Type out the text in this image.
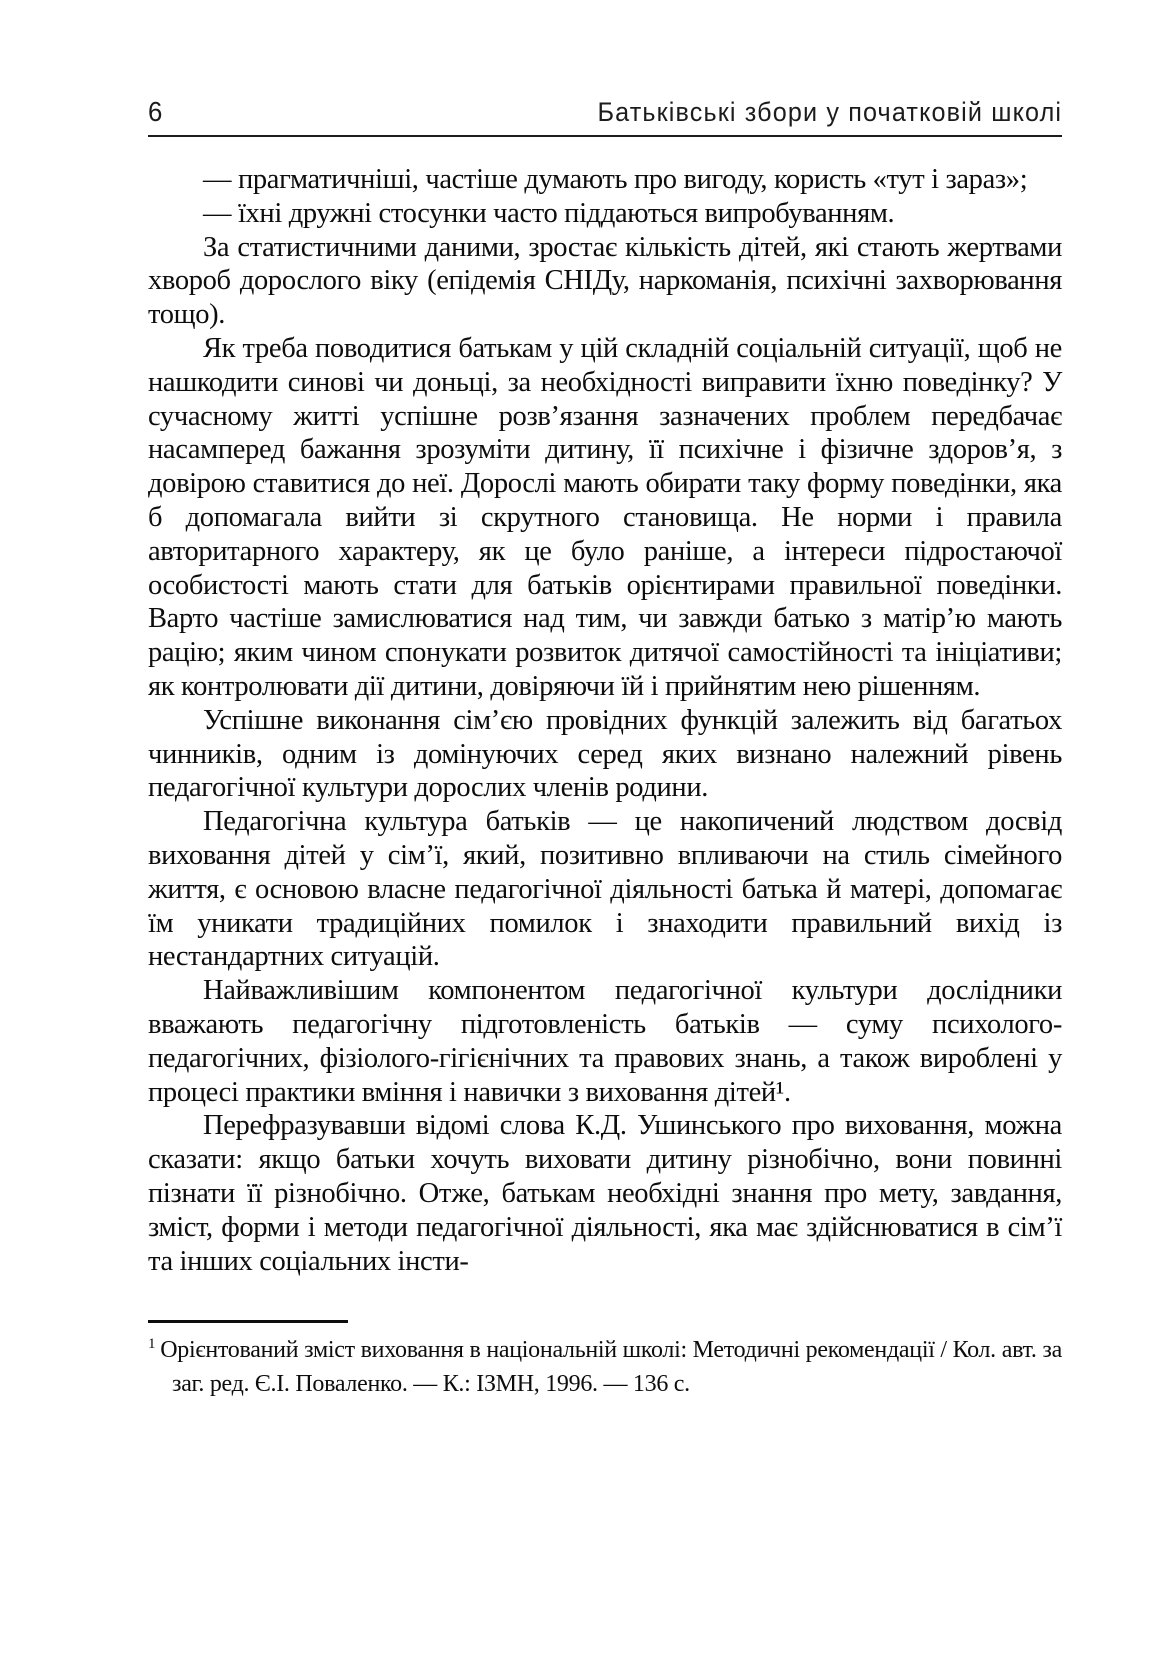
6	Батьківські збори у початковій школі

— прагматичніші, частіше думають про вигоду, користь «тут і зараз»;

— їхні дружні стосунки часто піддаються випробуванням.

За статистичними даними, зростає кількість дітей, які стають жертвами хвороб дорослого віку (епідемія СНІДу, наркоманія, психічні захворювання тощо).

Як треба поводитися батькам у цій складній соціальній ситуації, щоб не нашкодити синові чи доньці, за необхідності виправити їхню поведінку? У сучасному житті успішне розв’язання зазначених проблем передбачає насамперед бажання зрозуміти дитину, її психічне і фізичне здоров’я, з довірою ставитися до неї. Дорослі мають обирати таку форму поведінки, яка б допомагала вийти зі скрутного становища. Не норми і правила авторитарного характеру, як це було раніше, а інтереси підростаючої особистості мають стати для батьків орієнтирами правильної поведінки. Варто частіше замислюватися над тим, чи завжди батько з матір’ю мають рацію; яким чином спонукати розвиток дитячої самостійності та ініціативи; як контролювати дії дитини, довіряючи їй і прийнятим нею рішенням.

Успішне виконання сім’єю провідних функцій залежить від багатьох чинників, одним із домінуючих серед яких визнано належний рівень педагогічної культури дорослих членів родини.

Педагогічна культура батьків — це накопичений людством досвід виховання дітей у сім’ї, який, позитивно впливаючи на стиль сімейного життя, є основою власне педагогічної діяльності батька й матері, допомагає їм уникати традиційних помилок і знаходити правильний вихід із нестандартних ситуацій.

Найважливішим компонентом педагогічної культури дослідники вважають педагогічну підготовленість батьків — суму психолого-педагогічних, фізіолого-гігієнічних та правових знань, а також вироблені у процесі практики вміння і навички з виховання дітей¹.

Перефразувавши відомі слова К.Д. Ушинського про виховання, можна сказати: якщо батьки хочуть виховати дитину різнобічно, вони повинні пізнати її різнобічно. Отже, батькам необхідні знання про мету, завдання, зміст, форми і методи педагогічної діяльності, яка має здійснюватися в сім’ї та інших соціальних інсти-

$^1$ Орієнтований зміст виховання в національній школі: Методичні рекомендації / Кол. авт. за заг. ред. Є.І. Поваленко. — К.: ІЗМН, 1996. — 136 с.
